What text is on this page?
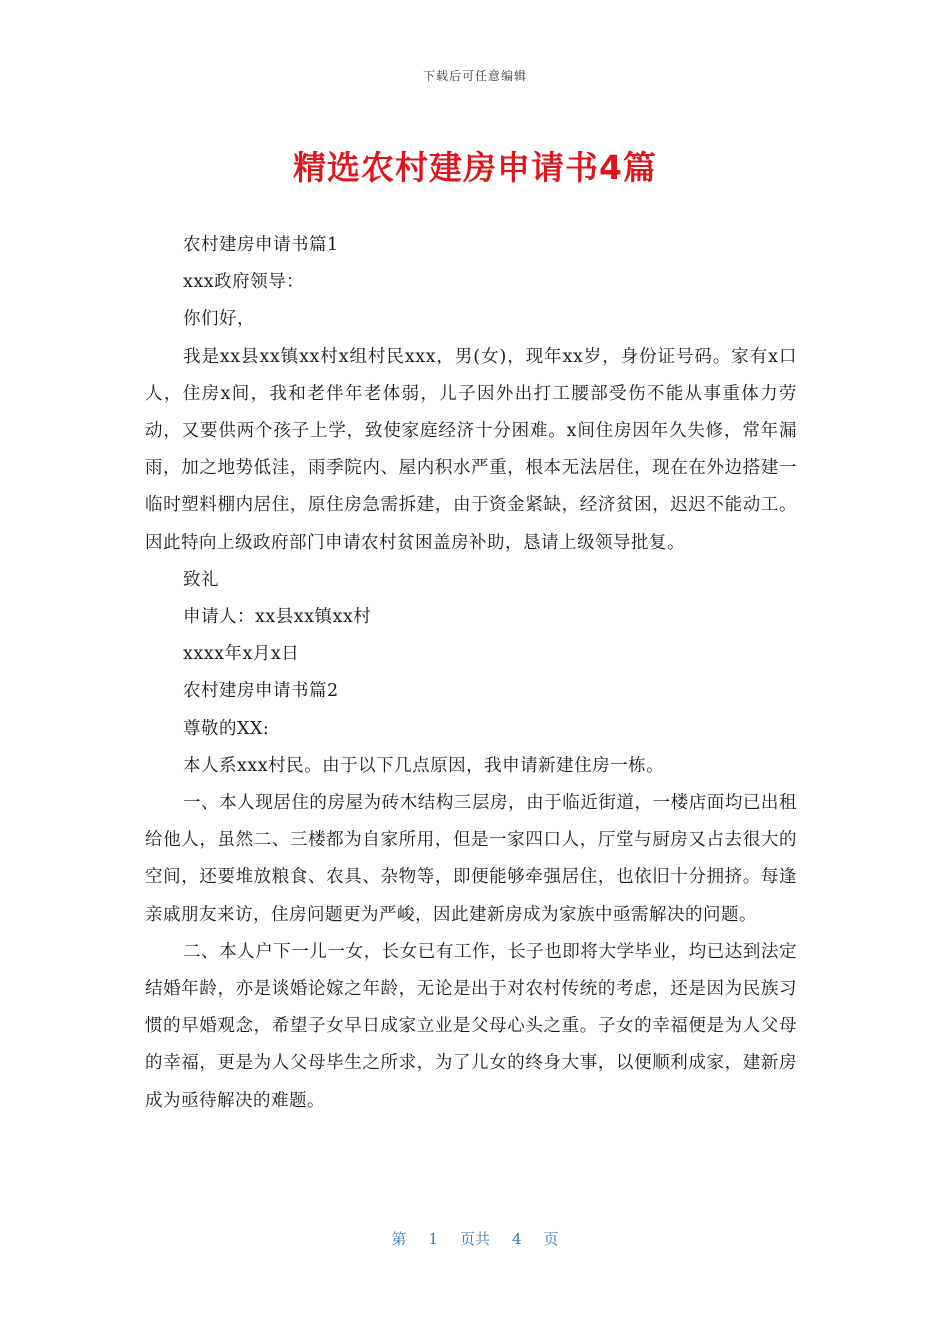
下载后可任意编辑
精选农村建房申请书4篇

农村建房申请书篇1

xxx政府领导：

你们好，

我是xx县xx镇xx村x组村民xxx，男(女)，现年xx岁，身份证号码。家有x口人，住房x间，我和老伴年老体弱，儿子因外出打工腰部受伤不能从事重体力劳动，又要供两个孩子上学，致使家庭经济十分困难。x间住房因年久失修，常年漏雨，加之地势低洼，雨季院内、屋内积水严重，根本无法居住，现在在外边搭建一临时塑料棚内居住，原住房急需拆建，由于资金紧缺，经济贫困，迟迟不能动工。因此特向上级政府部门申请农村贫困盖房补助，恳请上级领导批复。

致礼

申请人：xx县xx镇xx村

xxxx年x月x日

农村建房申请书篇2

尊敬的XX:

本人系xxx村民。由于以下几点原因，我申请新建住房一栋。

一、本人现居住的房屋为砖木结构三层房，由于临近街道，一楼店面均已出租给他人，虽然二、三楼都为自家所用，但是一家四口人，厅堂与厨房又占去很大的空间，还要堆放粮食、农具、杂物等，即便能够牵强居住，也依旧十分拥挤。每逢亲戚朋友来访，住房问题更为严峻，因此建新房成为家族中亟需解决的问题。

二、本人户下一儿一女，长女已有工作，长子也即将大学毕业，均已达到法定结婚年龄，亦是谈婚论嫁之年龄，无论是出于对农村传统的考虑，还是因为民族习惯的早婚观念，希望子女早日成家立业是父母心头之重。子女的幸福便是为人父母的幸福，更是为人父母毕生之所求，为了儿女的终身大事，以便顺利成家，建新房成为亟待解决的难题。

第 1 页共 4 页
